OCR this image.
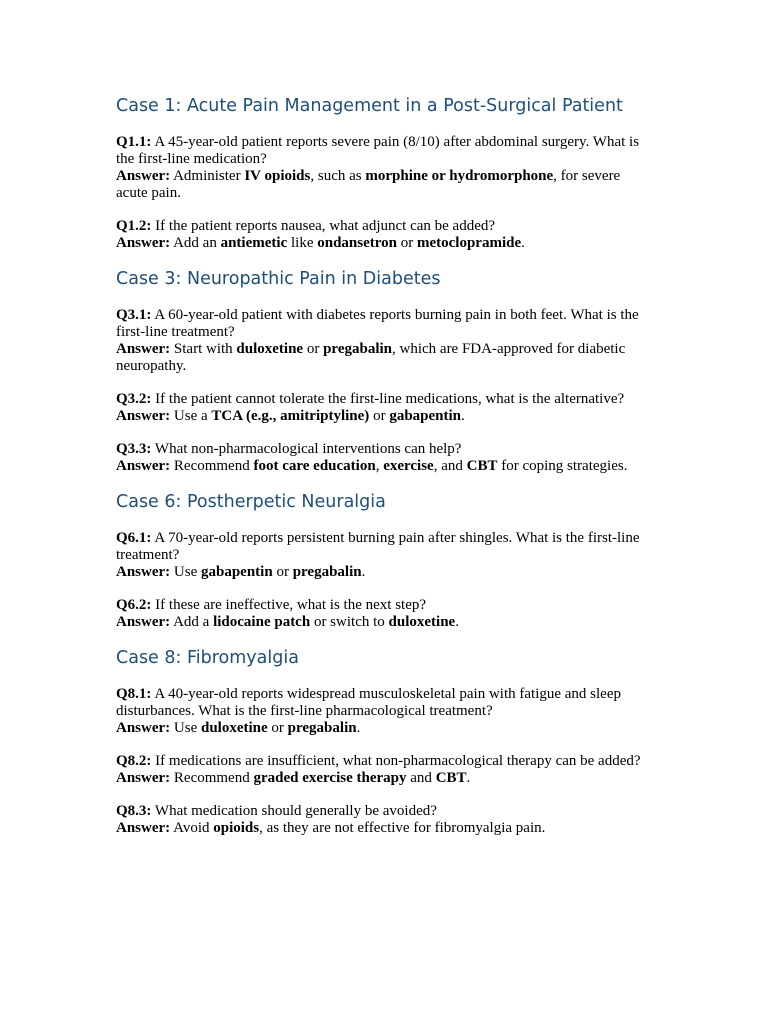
Case 1: Acute Pain Management in a Post-Surgical Patient

Q1.1: A 45-year-old patient reports severe pain (8/10) after abdominal surgery. What is the first-line medication?

Answer: Administer IV opioids, such as morphine or hydromorphone, for severe acute pain.

Q1.2: If the patient reports nausea, what adjunct can be added?

Answer: Add an antiemetic like ondansetron or metoclopramide.

Case 3: Neuropathic Pain in Diabetes

Q3.1: A 60-year-old patient with diabetes reports burning pain in both feet. What is the first-line treatment?

Answer: Start with duloxetine or pregabalin, which are FDA-approved for diabetic neuropathy.

Q3.2: If the patient cannot tolerate the first-line medications, what is the alternative?

Answer: Use a TCA (e.g., amitriptyline) or gabapentin.

Q3.3: What non-pharmacological interventions can help?

Answer: Recommend foot care education, exercise, and CBT for coping strategies.

Case 6: Postherpetic Neuralgia

Q6.1: A 70-year-old reports persistent burning pain after shingles. What is the first-line treatment?

Answer: Use gabapentin or pregabalin.

Q6.2: If these are ineffective, what is the next step?

Answer: Add a lidocaine patch or switch to duloxetine.

Case 8: Fibromyalgia

Q8.1: A 40-year-old reports widespread musculoskeletal pain with fatigue and sleep disturbances. What is the first-line pharmacological treatment?

Answer: Use duloxetine or pregabalin.

Q8.2: If medications are insufficient, what non-pharmacological therapy can be added?

Answer: Recommend graded exercise therapy and CBT.

Q8.3: What medication should generally be avoided?

Answer: Avoid opioids, as they are not effective for fibromyalgia pain.
